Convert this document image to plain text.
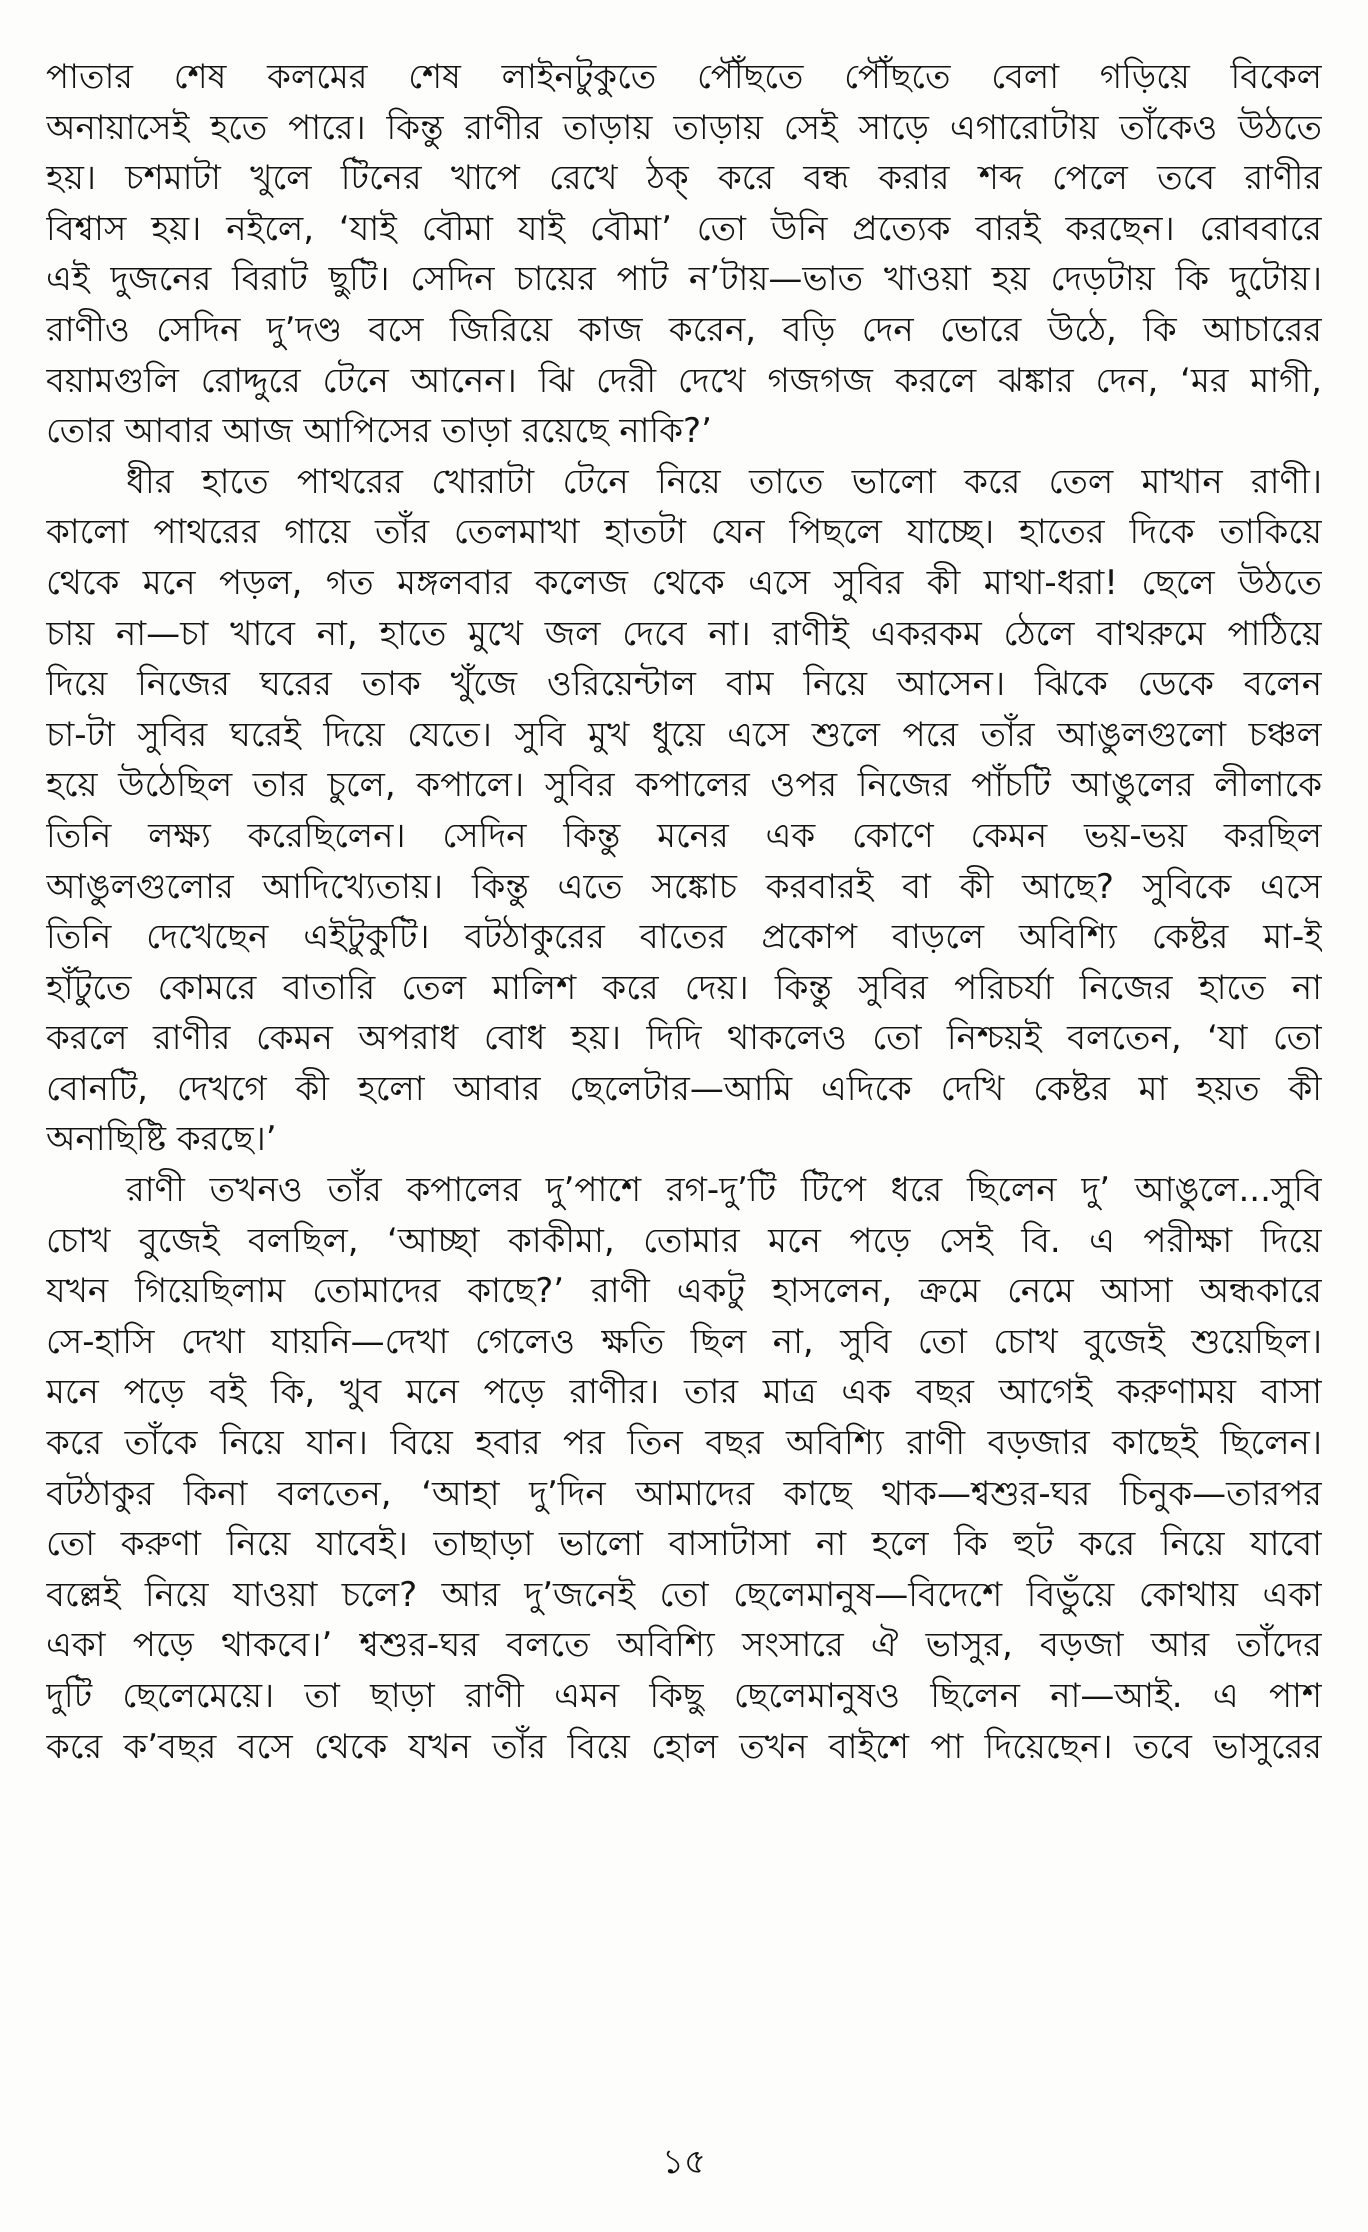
পাতার শেষ কলমের শেষ লাইনটুকুতে পৌঁছতে পৌঁছতে বেলা গড়িয়ে বিকেল
অনায়াসেই হতে পারে। কিন্তু রাণীর তাড়ায় তাড়ায় সেই সাড়ে এগারোটায় তাঁকেও উঠতে
হয়। চশমাটা খুলে টিনের খাপে রেখে ঠক্ করে বন্ধ করার শব্দ পেলে তবে রাণীর
বিশ্বাস হয়। নইলে, ‘যাই বৌমা যাই বৌমা’ তো উনি প্রত্যেক বারই করছেন। রোববারে
এই দুজনের বিরাট ছুটি। সেদিন চায়ের পাট ন’টায়—ভাত খাওয়া হয় দেড়টায় কি দুটোয়।
রাণীও সেদিন দু’দণ্ড বসে জিরিয়ে কাজ করেন, বড়ি দেন ভোরে উঠে, কি আচারের
বয়ামগুলি রোদ্দুরে টেনে আনেন। ঝি দেরী দেখে গজগজ করলে ঝঙ্কার দেন, ‘মর মাগী,
তোর আবার আজ আপিসের তাড়া রয়েছে নাকি?’
ধীর হাতে পাথরের খোরাটা টেনে নিয়ে তাতে ভালো করে তেল মাখান রাণী।
কালো পাথরের গায়ে তাঁর তেলমাখা হাতটা যেন পিছলে যাচ্ছে। হাতের দিকে তাকিয়ে
থেকে মনে পড়ল, গত মঙ্গলবার কলেজ থেকে এসে সুবির কী মাথা-ধরা! ছেলে উঠতে
চায় না—চা খাবে না, হাতে মুখে জল দেবে না। রাণীই একরকম ঠেলে বাথরুমে পাঠিয়ে
দিয়ে নিজের ঘরের তাক খুঁজে ওরিয়েন্টাল বাম নিয়ে আসেন। ঝিকে ডেকে বলেন
চা-টা সুবির ঘরেই দিয়ে যেতে। সুবি মুখ ধুয়ে এসে শুলে পরে তাঁর আঙুলগুলো চঞ্চল
হয়ে উঠেছিল তার চুলে, কপালে। সুবির কপালের ওপর নিজের পাঁচটি আঙুলের লীলাকে
তিনি লক্ষ্য করেছিলেন। সেদিন কিন্তু মনের এক কোণে কেমন ভয়-ভয় করছিল
আঙুলগুলোর আদিখ্যেতায়। কিন্তু এতে সঙ্কোচ করবারই বা কী আছে? সুবিকে এসে
তিনি দেখেছেন এইটুকুটি। বটঠাকুরের বাতের প্রকোপ বাড়লে অবিশ্যি কেষ্টর মা-ই
হাঁটুতে কোমরে বাতারি তেল মালিশ করে দেয়। কিন্তু সুবির পরিচর্যা নিজের হাতে না
করলে রাণীর কেমন অপরাধ বোধ হয়। দিদি থাকলেও তো নিশ্চয়ই বলতেন, ‘যা তো
বোনটি, দেখগে কী হলো আবার ছেলেটার—আমি এদিকে দেখি কেষ্টর মা হয়ত কী
অনাছিষ্টি করছে।’
রাণী তখনও তাঁর কপালের দু’পাশে রগ-দু’টি টিপে ধরে ছিলেন দু’ আঙুলে...সুবি
চোখ বুজেই বলছিল, ‘আচ্ছা কাকীমা, তোমার মনে পড়ে সেই বি. এ পরীক্ষা দিয়ে
যখন গিয়েছিলাম তোমাদের কাছে?’ রাণী একটু হাসলেন, ক্রমে নেমে আসা অন্ধকারে
সে-হাসি দেখা যায়নি—দেখা গেলেও ক্ষতি ছিল না, সুবি তো চোখ বুজেই শুয়েছিল।
মনে পড়ে বই কি, খুব মনে পড়ে রাণীর। তার মাত্র এক বছর আগেই করুণাময় বাসা
করে তাঁকে নিয়ে যান। বিয়ে হবার পর তিন বছর অবিশ্যি রাণী বড়জার কাছেই ছিলেন।
বটঠাকুর কিনা বলতেন, ‘আহা দু’দিন আমাদের কাছে থাক—শ্বশুর-ঘর চিনুক—তারপর
তো করুণা নিয়ে যাবেই। তাছাড়া ভালো বাসাটাসা না হলে কি হুট করে নিয়ে যাবো
বল্লেই নিয়ে যাওয়া চলে? আর দু’জনেই তো ছেলেমানুষ—বিদেশে বিভুঁয়ে কোথায় একা
একা পড়ে থাকবে।’ শ্বশুর-ঘর বলতে অবিশ্যি সংসারে ঐ ভাসুর, বড়জা আর তাঁদের
দুটি ছেলেমেয়ে। তা ছাড়া রাণী এমন কিছু ছেলেমানুষও ছিলেন না—আই. এ পাশ
করে ক’বছর বসে থেকে যখন তাঁর বিয়ে হোল তখন বাইশে পা দিয়েছেন। তবে ভাসুরের
১৫
